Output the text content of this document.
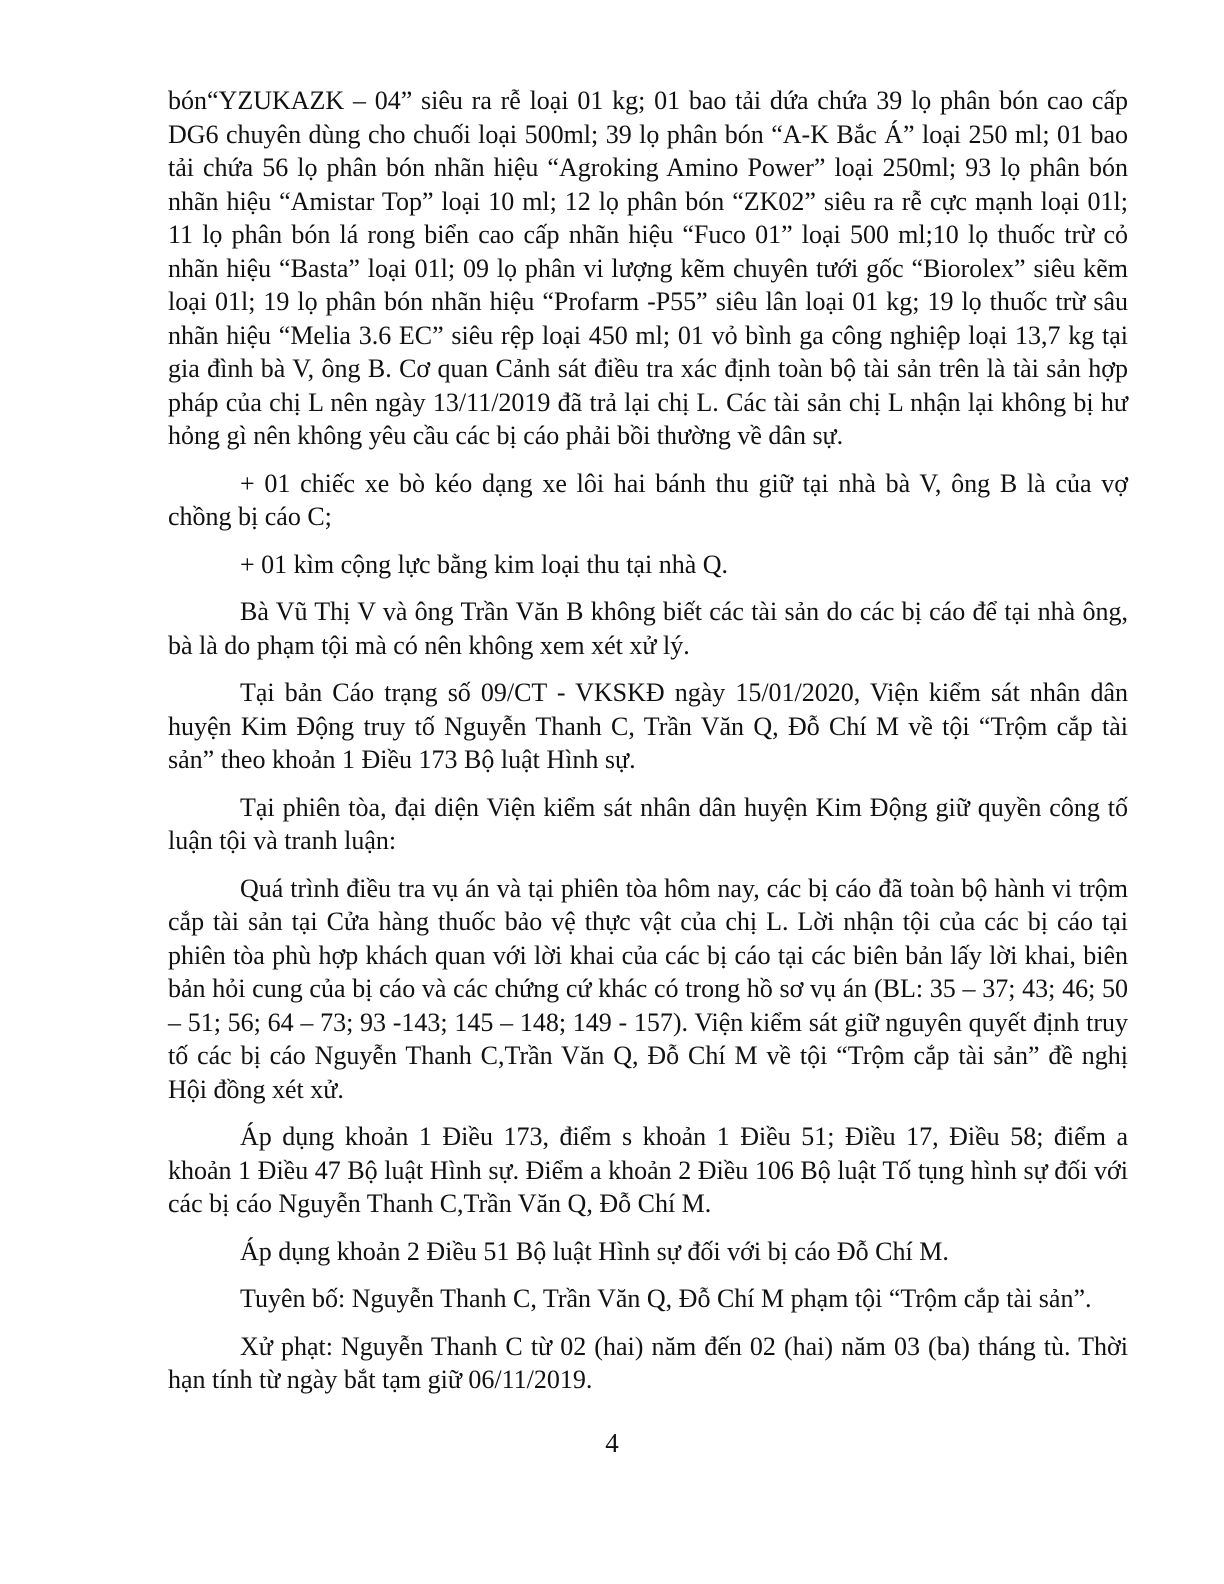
bón“YZUKAZK – 04” siêu ra rễ loại 01 kg; 01 bao tải dứa chứa 39 lọ phân bón cao cấp DG6 chuyên dùng cho chuối loại 500ml; 39 lọ phân bón “A-K Bắc Á” loại 250 ml; 01 bao tải chứa 56 lọ phân bón nhãn hiệu “Agroking Amino Power” loại 250ml; 93 lọ phân bón nhãn hiệu “Amistar Top” loại 10 ml; 12 lọ phân bón “ZK02” siêu ra rễ cực mạnh loại 01l; 11 lọ phân bón lá rong biển cao cấp nhãn hiệu “Fuco 01” loại 500 ml;10 lọ thuốc trừ cỏ nhãn hiệu “Basta” loại 01l; 09 lọ phân vi lượng kẽm chuyên tưới gốc “Biorolex” siêu kẽm loại 01l; 19 lọ phân bón nhãn hiệu “Profarm -P55” siêu lân loại 01 kg; 19 lọ thuốc trừ sâu nhãn hiệu “Melia 3.6 EC” siêu rệp loại 450 ml; 01 vỏ bình ga công nghiệp loại 13,7 kg tại gia đình bà V, ông B. Cơ quan Cảnh sát điều tra xác định toàn bộ tài sản trên là tài sản hợp pháp của chị L nên ngày 13/11/2019 đã trả lại chị L. Các tài sản chị L nhận lại không bị hư hỏng gì nên không yêu cầu các bị cáo phải bồi thường về dân sự.

+ 01 chiếc xe bò kéo dạng xe lôi hai bánh thu giữ tại nhà bà V, ông B là của vợ chồng bị cáo C;

+ 01 kìm cộng lực bằng kim loại thu tại nhà Q.

Bà Vũ Thị V và ông Trần Văn B không biết các tài sản do các bị cáo để tại nhà ông, bà là do phạm tội mà có nên không xem xét xử lý.

Tại bản Cáo trạng số 09/CT - VKSKĐ ngày 15/01/2020, Viện kiểm sát nhân dân huyện Kim Động truy tố Nguyễn Thanh C, Trần Văn Q, Đỗ Chí M về tội “Trộm cắp tài sản” theo khoản 1 Điều 173 Bộ luật Hình sự.

Tại phiên tòa, đại diện Viện kiểm sát nhân dân huyện Kim Động giữ quyền công tố luận tội và tranh luận:

Quá trình điều tra vụ án và tại phiên tòa hôm nay, các bị cáo đã toàn bộ hành vi trộm cắp tài sản tại Cửa hàng thuốc bảo vệ thực vật của chị L. Lời nhận tội của các bị cáo tại phiên tòa phù hợp khách quan với lời khai của các bị cáo tại các biên bản lấy lời khai, biên bản hỏi cung của bị cáo và các chứng cứ khác có trong hồ sơ vụ án (BL: 35 – 37; 43; 46; 50 – 51; 56; 64 – 73; 93 -143; 145 – 148; 149 - 157). Viện kiểm sát giữ nguyên quyết định truy tố các bị cáo Nguyễn Thanh C,Trần Văn Q, Đỗ Chí M về tội “Trộm cắp tài sản” đề nghị Hội đồng xét xử.

Áp dụng khoản 1 Điều 173, điểm s khoản 1 Điều 51; Điều 17, Điều 58; điểm a khoản 1 Điều 47 Bộ luật Hình sự. Điểm a khoản 2 Điều 106 Bộ luật Tố tụng hình sự đối với các bị cáo Nguyễn Thanh C,Trần Văn Q, Đỗ Chí M.

Áp dụng khoản 2 Điều 51 Bộ luật Hình sự đối với bị cáo Đỗ Chí M.

Tuyên bố: Nguyễn Thanh C, Trần Văn Q, Đỗ Chí M phạm tội “Trộm cắp tài sản”.

Xử phạt: Nguyễn Thanh C từ 02 (hai) năm đến 02 (hai) năm 03 (ba) tháng tù. Thời hạn tính từ ngày bắt tạm giữ 06/11/2019.

4
